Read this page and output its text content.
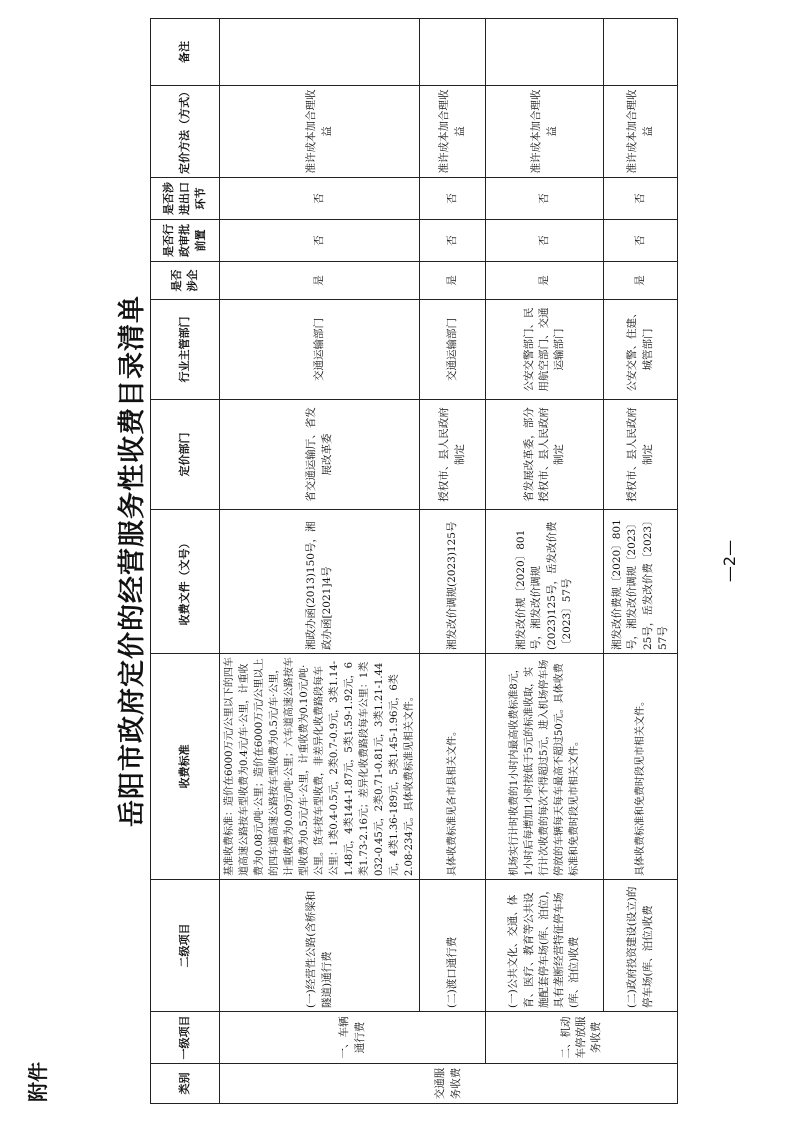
附件
岳阳市政府定价的经营服务性收费目录清单
类别	一级项目	二级项目	收费标准	收费文件（文号）	定价部门	行业主管部门	是否涉企	是否行政审批前置	是否涉进出口环节	定价方法（方式）	备注
交通服务收费	一、车辆通行费	(一)经营性公路(含桥梁和隧道)通行费	基准收费标准：造价在6000万元/公里以下的四车道高速公路按车型收费为0.4元/车·公里，计重收费为0.08元/吨·公里；造价在6000万元/公里以上的四车道高速公路按车型收费为0.5元/车·公里，计重收费为0.09元/吨·公里；六车道高速公路按车型收费为0.5元/车·公里，计重收费为0.10元/吨·公里。货车按车型收费，非差异化收费路段每车公里：1类0.4-0.5元，2类0.7-0.9元，3类1.14-1.48元，4类144-1.87元，5类1.59-1.92元，6类1.73-2.16元；差异化收费路段每车公里：1类032-0.45元，2类0.71-0.81元，3类1.21-1.44元，4类1.36-189元，5类1.45-1.96元，6类2.08-234元。具体收费标准见相关文件。	湘政办函(2013)150号，湘政办函[2021]4号	省交通运输厅、省发展改革委	交通运输部门	是	否	否	准许成本加合理收益	
		(二)渡口通行费	具体收费标准见各市县相关文件。	湘发改价调规(2023)125号	授权市、县人民政府制定	交通运输部门	是	否	否	准许成本加合理收益	
	二、机动车停放服务收费	(一)公共文化、交通、体育、医疗、教育等公共设施配套停车场(库、泊位)，具有垄断经营特征停车场(库、泊位)收费	机场实行计时收费的1小时内最高收费标准8元，1小时后每增加1小时按低于5元的标准收取，实行计次收费的每次不得超过5元，进入机场停车场停放的车辆每天每车最高不超过50元。具体收费标准和免费时段见市相关文件。	湘发改价规〔2020〕801号，湘发改价调规(2023)125号，岳发改价费〔2023〕57号	省发展改革委，部分授权市、县人民政府制定	公安交警部门、民用航空部门、交通运输部门	是	否	否	准许成本加合理收益	
		(二)政府投资建设(设立)的停车场(库、泊位)收费	具体收费标准和免费时段见市相关文件。	湘发改价费规〔2020〕801号，湘发改价调规〔2023〕25号，岳发改价费〔2023〕57号	授权市、县人民政府制定	公安交警、住建、城管部门	是	否	否	准许成本加合理收益	
—2—
